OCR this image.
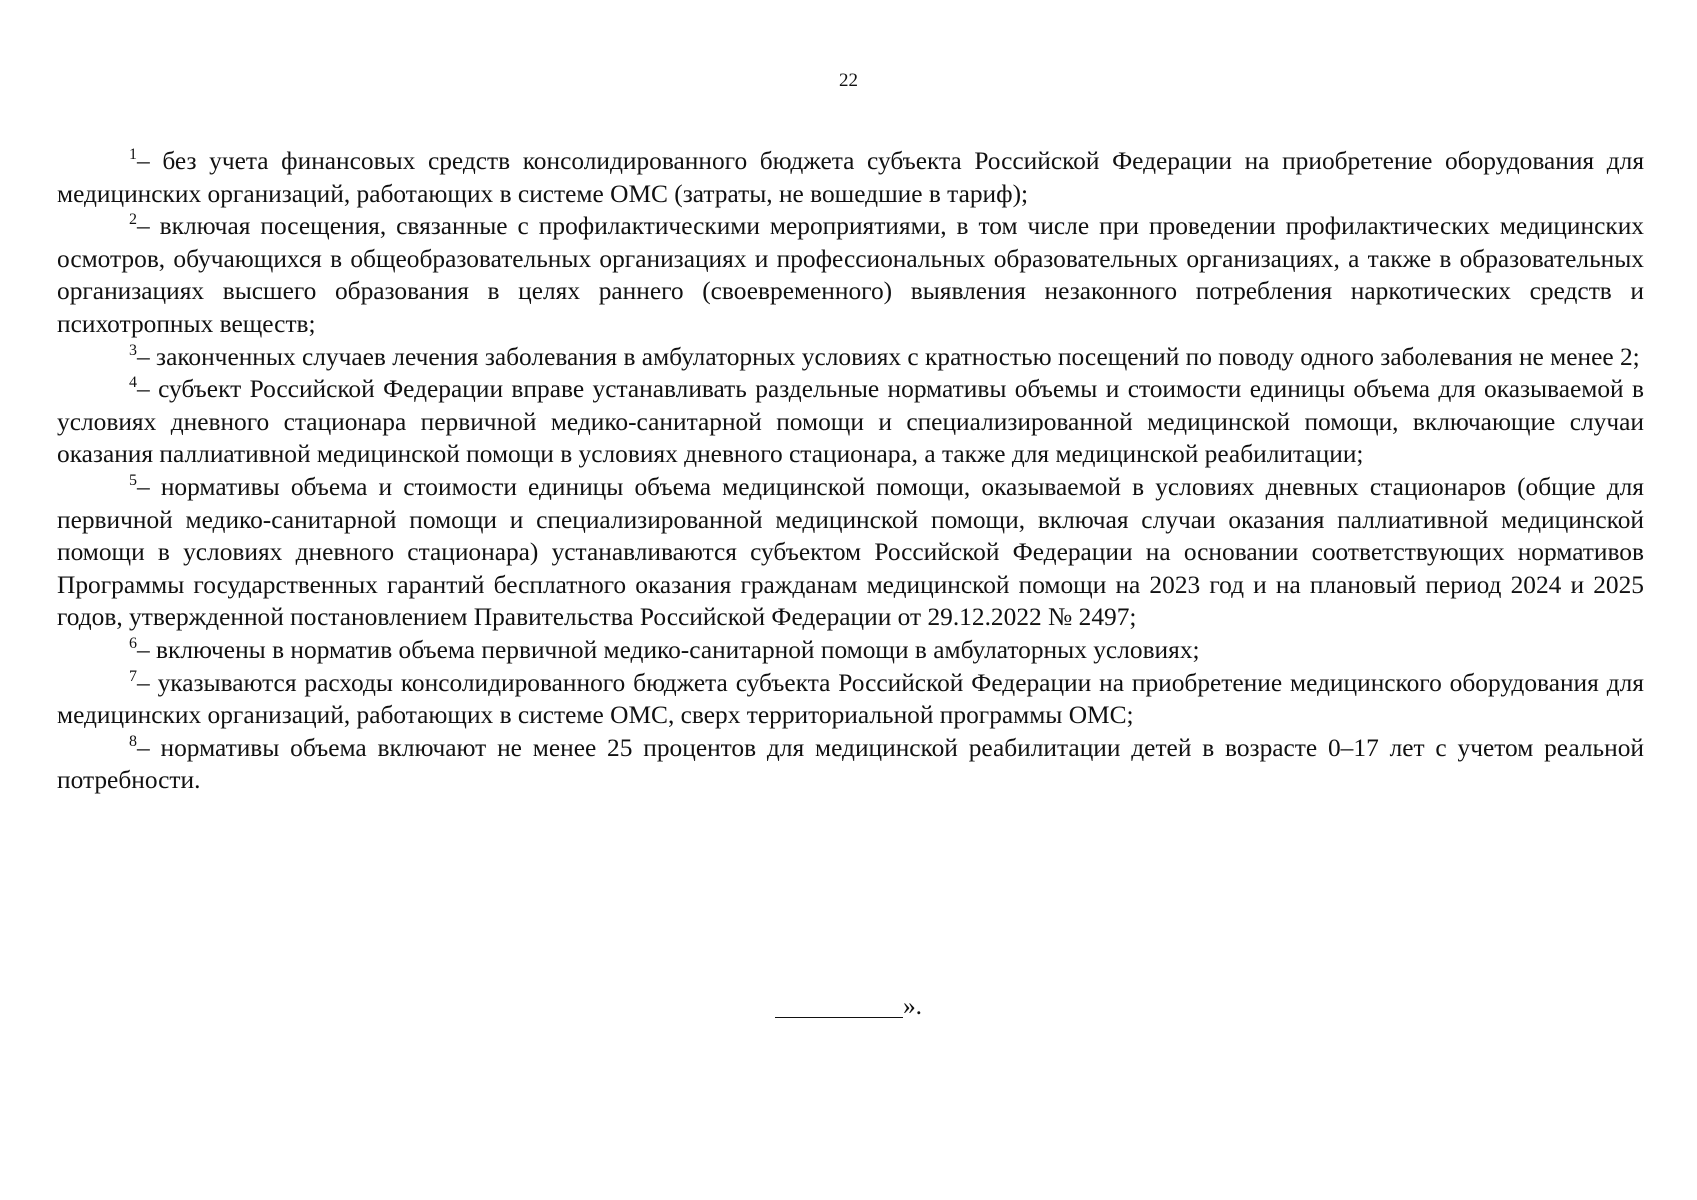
22

$^1$– без учета финансовых средств консолидированного бюджета субъекта Российской Федерации на приобретение оборудования для медицинских организаций, работающих в системе ОМС (затраты, не вошедшие в тариф);

$^2$– включая посещения, связанные с профилактическими мероприятиями, в том числе при проведении профилактических медицинских осмотров, обучающихся в общеобразовательных организациях и профессиональных образовательных организациях, а также в образовательных организациях высшего образования в целях раннего (своевременного) выявления незаконного потребления наркотических средств и психотропных веществ;

$^3$– законченных случаев лечения заболевания в амбулаторных условиях с кратностью посещений по поводу одного заболевания не менее 2;

$^4$– субъект Российской Федерации вправе устанавливать раздельные нормативы объемы и стоимости единицы объема для оказываемой в условиях дневного стационара первичной медико-санитарной помощи и специализированной медицинской помощи, включающие случаи оказания паллиативной медицинской помощи в условиях дневного стационара, а также для медицинской реабилитации;

$^5$– нормативы объема и стоимости единицы объема медицинской помощи, оказываемой в условиях дневных стационаров (общие для первичной медико-санитарной помощи и специализированной медицинской помощи, включая случаи оказания паллиативной медицинской помощи в условиях дневного стационара) устанавливаются субъектом Российской Федерации на основании соответствующих нормативов Программы государственных гарантий бесплатного оказания гражданам медицинской помощи на 2023 год и на плановый период 2024 и 2025 годов, утвержденной постановлением Правительства Российской Федерации от 29.12.2022 № 2497;

$^6$– включены в норматив объема первичной медико-санитарной помощи в амбулаторных условиях;

$^7$– указываются расходы консолидированного бюджета субъекта Российской Федерации на приобретение медицинского оборудования для медицинских организаций, работающих в системе ОМС, сверх территориальной программы ОМС;

$^8$– нормативы объема включают не менее 25 процентов для медицинской реабилитации детей в возрасте 0–17 лет с учетом реальной потребности.

».
